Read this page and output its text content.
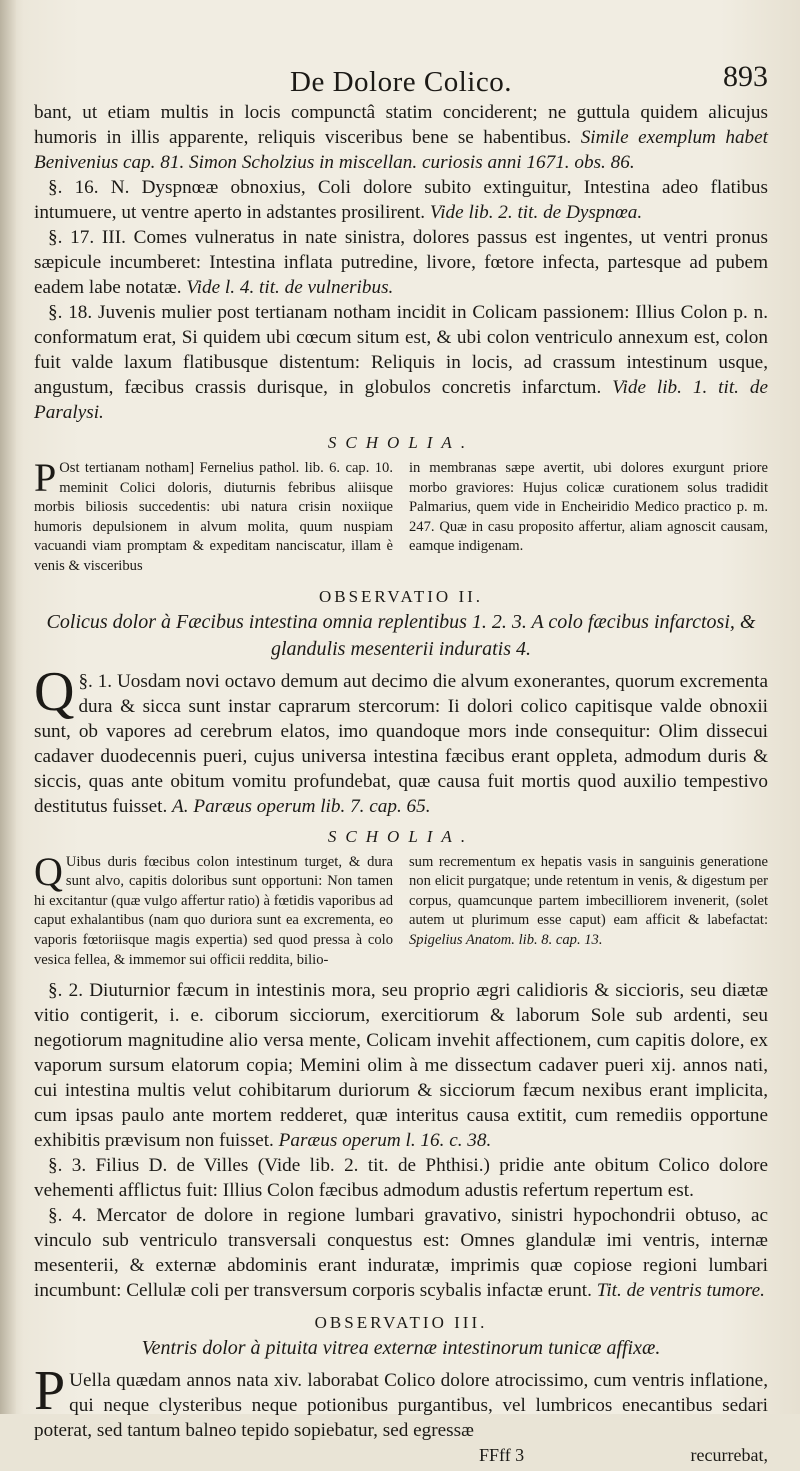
De Dolore Colico.	893

bant, ut etiam multis in locis compunctâ statim conciderent; ne guttula quidem alicujus humoris in illis apparente, reliquis visceribus bene se habentibus. Simile exemplum habet Benivenius cap. 81. Simon Scholzius in miscellan. curiosis anni 1671. obs. 86.

§. 16. N. Dyspnœæ obnoxius, Coli dolore subito extinguitur, Intestina adeo flatibus intumuere, ut ventre aperto in adstantes prosilirent. Vide lib. 2. tit. de Dyspnœa.

§. 17. III. Comes vulneratus in nate sinistra, dolores passus est ingentes, ut ventri pronus sæpicule incumberet: Intestina inflata putredine, livore, fœtore infecta, partesque ad pubem eadem labe notatæ. Vide l. 4. tit. de vulneribus.

§. 18. Juvenis mulier post tertianam notham incidit in Colicam passionem: Illius Colon p. n. conformatum erat, Si quidem ubi cœcum situm est, & ubi colon ventriculo annexum est, colon fuit valde laxum flatibusque distentum: Reliquis in locis, ad crassum intestinum usque, angustum, fæcibus crassis durisque, in globulos concretis infarctum. Vide lib. 1. tit. de Paralysi.

SCHOLIA.
P Ost tertianam notham] Fernelius pathol. lib. 6. cap. 10. meminit Colici doloris, diuturnis febribus aliisque morbis biliosis succedentis: ubi natura crisin noxiique humoris depulsionem in alvum molita, quum nuspiam vacuandi viam promptam & expeditam nanciscatur, illam è venis & visceribus
in membranas sæpe avertit, ubi dolores exurgunt priore morbo graviores: Hujus colicæ curationem solus tradidit Palmarius, quem vide in Encheiridio Medico practico p. m. 247. Quæ in casu proposito affertur, aliam agnoscit causam, eamque indigenam.
OBSERVATIO II.
Colicus dolor à Fæcibus intestina omnia replentibus 1. 2. 3. A colo fæcibus infarctosi, & glandulis mesenterii induratis 4.

§. 1.
Q Uosdam novi octavo demum aut decimo die alvum exonerantes, quorum excrementa dura & sicca sunt instar caprarum stercorum: Ii dolori colico capitisque valde obnoxii sunt, ob vapores ad cerebrum elatos, imo quandoque mors inde consequitur: Olim dissecui cadaver duodecennis pueri, cujus universa intestina fæcibus erant oppleta, admodum duris & siccis, quas ante obitum vomitu profundebat, quæ causa fuit mortis quod auxilio tempestivo destitutus fuisset. A. Paræus operum lib. 7. cap. 65.

SCHOLIA.
Q Uibus duris fœcibus colon intestinum turget, & dura sunt alvo, capitis doloribus sunt opportuni: Non tamen hi excitantur (quæ vulgo affertur ratio) à fœtidis vaporibus ad caput exhalantibus (nam quo duriora sunt ea excrementa, eo vaporis fœtoriisque magis expertia) sed quod pressa à colo vesica fellea, & immemor sui officii reddita, bilio-
sum recrementum ex hepatis vasis in sanguinis generatione non elicit purgatque; unde retentum in venis, & digestum per corpus, quamcunque partem imbecilliorem invenerit, (solet autem ut plurimum esse caput) eam afficit & labefactat: Spigelius Anatom. lib. 8. cap. 13.

§. 2. Diuturnior fæcum in intestinis mora, seu proprio ægri calidioris & siccioris, seu diætæ vitio contigerit, i. e. ciborum sicciorum, exercitiorum & laborum Sole sub ardenti, seu negotiorum magnitudine alio versa mente, Colicam invehit affectionem, cum capitis dolore, ex vaporum sursum elatorum copia; Memini olim à me dissectum cadaver pueri xij. annos nati, cui intestina multis velut cohibitarum duriorum & sicciorum fæcum nexibus erant implicita, cum ipsas paulo ante mortem redderet, quæ interitus causa extitit, cum remediis opportune exhibitis prævisum non fuisset. Paræus operum l. 16. c. 38.

§. 3. Filius D. de Villes (Vide lib. 2. tit. de Phthisi.) pridie ante obitum Colico dolore vehementi afflictus fuit: Illius Colon fæcibus admodum adustis refertum repertum est.

§. 4. Mercator de dolore in regione lumbari gravativo, sinistri hypochondrii obtuso, ac vinculo sub ventriculo transversali conquestus est: Omnes glandulæ imi ventris, internæ mesenterii, & externæ abdominis erant induratæ, imprimis quæ copiose regioni lumbari incumbunt: Cellulæ coli per transversum corporis scybalis infactæ erunt. Tit. de ventris tumore.

OBSERVATIO III.
Ventris dolor à pituita vitrea externæ intestinorum tunicæ affixæ.

P Uella quædam annos nata xiv. laborabat Colico dolore atrocissimo, cum ventris inflatione, qui neque clysteribus neque potionibus purgantibus, vel lumbricos enecantibus sedari poterat, sed tantum balneo tepido sopiebatur, sed egressæ

FFff 3	recurrebat,
